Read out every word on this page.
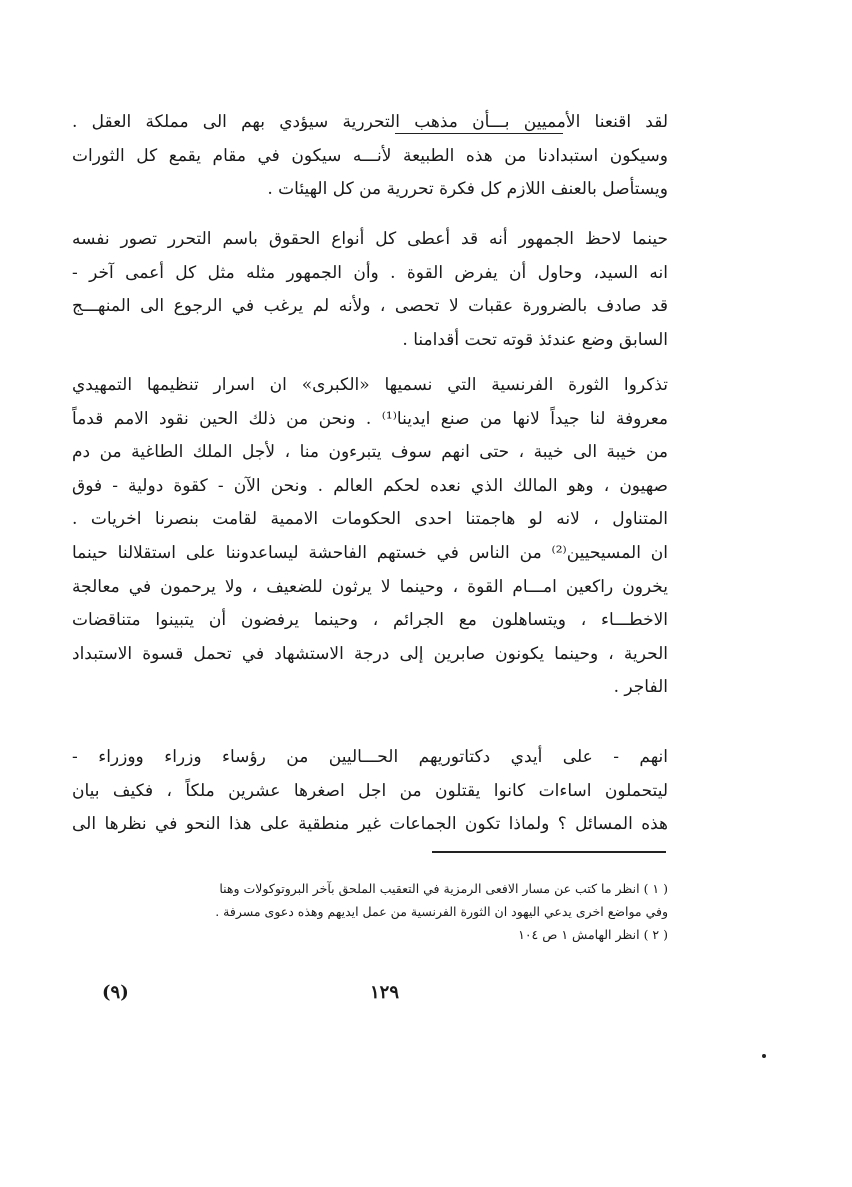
لقد اقنعنا الأمميين بـــأن مذهب التحررية سيؤدي بهم الى مملكة العقل .
وسيكون استبدادنا من هذه الطبيعة لأنـــه سيكون في مقام يقمع كل الثورات
ويستأصل بالعنف اللازم كل فكرة تحررية من كل الهيئات .
حينما لاحظ الجمهور أنه قد أعطى كل أنواع الحقوق باسم التحرر تصور نفسه
انه السيد، وحاول أن يفرض القوة . وأن الجمهور مثله مثل كل أعمى آخر -
قد صادف بالضرورة عقبات لا تحصى ، ولأنه لم يرغب في الرجوع الى المنهـــج
السابق وضع عندئذ قوته تحت أقدامنا .
تذكروا الثورة الفرنسية التي نسميها «الكبرى» ان اسرار تنظيمها التمهيدي
معروفة لنا جيداً لانها من صنع ايدينا⁽¹⁾ . ونحن من ذلك الحين نقود الامم قدماً
من خيبة الى خيبة ، حتى انهم سوف يتبرءون منا ، لأجل الملك الطاغية من دم
صهيون ، وهو المالك الذي نعده لحكم العالم . ونحن الآن - كقوة دولية - فوق
المتناول ، لانه لو هاجمتنا احدى الحكومات الاممية لقامت بنصرنا اخريات .
ان المسيحيين⁽²⁾ من الناس في خستهم الفاحشة ليساعدوننا على استقلالنا حينما
يخرون راكعين امـــام القوة ، وحينما لا يرثون للضعيف ، ولا يرحمون في معالجة
الاخطـــاء ، ويتساهلون مع الجرائم ، وحينما يرفضون أن يتبينوا متناقضات
الحرية ، وحينما يكونون صابرين إلى درجة الاستشهاد في تحمل قسوة الاستبداد
الفاجر .
انهم - على أيدي دكتاتوريهم الحـــاليين من رؤساء وزراء ووزراء -
ليتحملون اساءات كانوا يقتلون من اجل اصغرها عشرين ملكاً ، فكيف بيان
هذه المسائل ؟ ولماذا تكون الجماعات غير منطقية على هذا النحو في نظرها الى
( ١ ) انظر ما كتب عن مسار الافعى الرمزية في التعقيب الملحق بآخر البروتوكولات وهنا
وفي مواضع اخرى يدعي اليهود ان الثورة الفرنسية من عمل ايديهم وهذه دعوى مسرفة .
( ٢ ) انظر الهامش ١ ص ١٠٤
١٢٩
(٩)
